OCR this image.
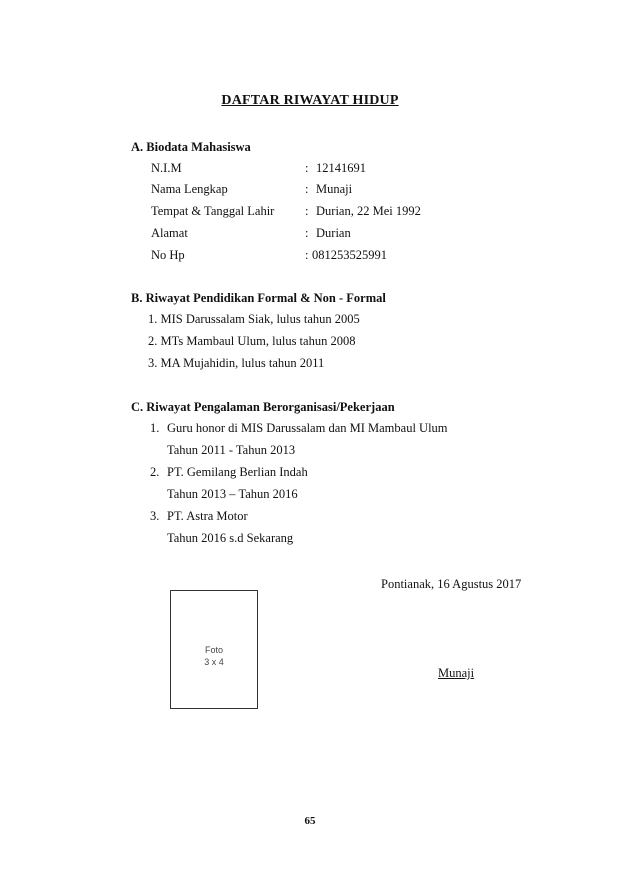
DAFTAR RIWAYAT HIDUP
A. Biodata Mahasiswa
N.I.M	: 12141691
Nama Lengkap	: Munaji
Tempat & Tanggal Lahir : Durian, 22 Mei 1992
Alamat	: Durian
No Hp	: 081253525991
B. Riwayat Pendidikan Formal & Non - Formal
1. MIS Darussalam Siak, lulus tahun 2005
2. MTs Mambaul Ulum, lulus tahun 2008
3. MA Mujahidin, lulus tahun 2011
C. Riwayat Pengalaman Berorganisasi/Pekerjaan
1. Guru honor di MIS Darussalam dan MI Mambaul Ulum
Tahun 2011 - Tahun 2013
2. PT. Gemilang Berlian Indah
Tahun 2013 – Tahun 2016
3. PT. Astra Motor
Tahun 2016 s.d Sekarang
Pontianak, 16 Agustus 2017
Munaji
Foto
3 x 4
65
